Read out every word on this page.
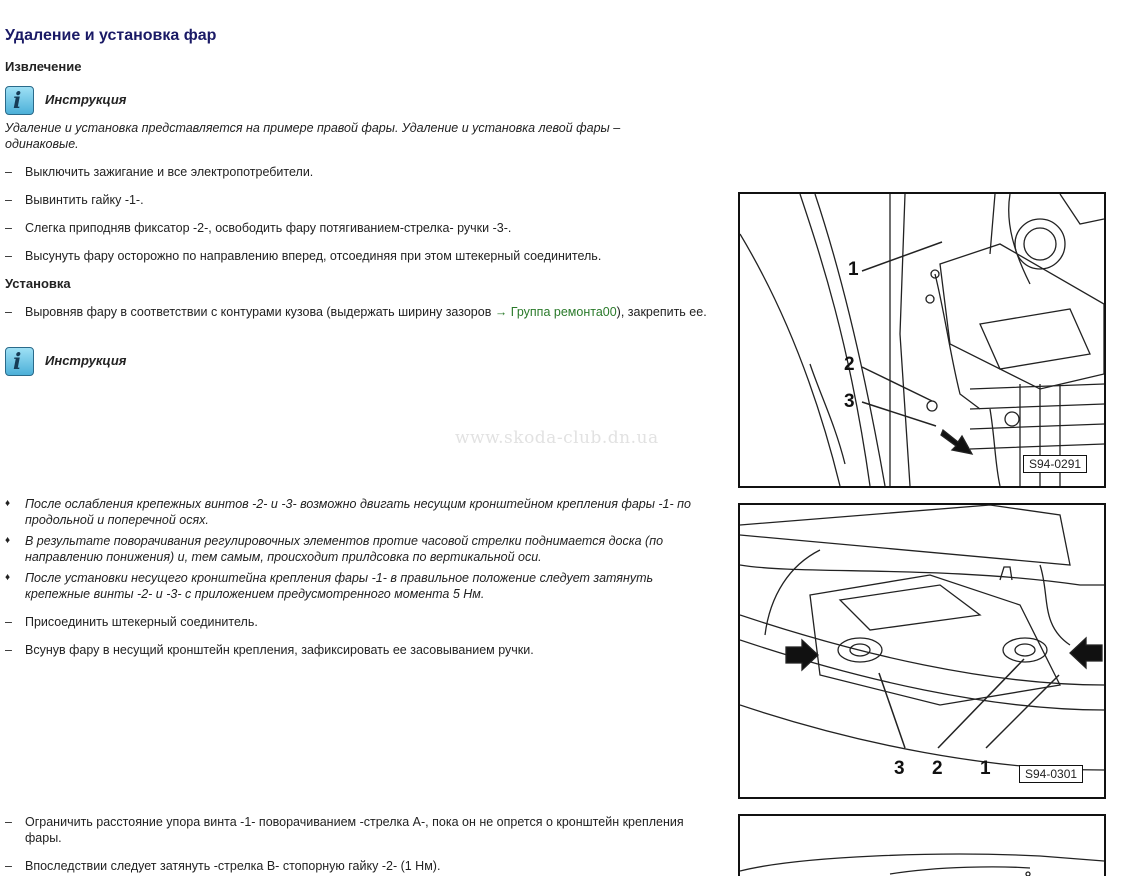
Удаление и установка фар
Извлечение
i Инструкция

Удаление и установка представляется на примере правой фары. Удаление и установка левой фары – одинаковые.

– Выключить зажигание и все электропотребители.
– Вывинтить гайку -1-.
– Слегка приподняв фиксатор -2-, освободить фару потягиванием-стрелка- ручки -3-.
– Высунуть фару осторожно по направлению вперед, отсоединяя при этом штекерный соединитель.
Установка
– Выровняв фару в соответствии с контурами кузова (выдержать ширину зазоров → Группа ремонта00), закрепить ее.
i Инструкция
www.skoda-club.dn.ua
♦ После ослабления крепежных винтов -2- и -3- возможно двигать несущим кронштейном крепления фары -1- по продольной и поперечной осях.
♦ В результате поворачивания регулировочных элементов протие часовой стрелки поднимается доска (по направлению понижения) и, тем самым, происходит прилдсовка по вертикальной оси.
♦ После установки несущего кронштейна крепления фары -1- в правильное положение следует затянуть крепежные винты -2- и -3- с приложением предусмотренного момента 5 Нм.
– Присоединить штекерный соединитель.
– Всунув фару в несущий кронштейн крепления, зафиксировать ее засовыванием ручки.
– Ограничить расстояние упора винта -1- поворачиванием -стрелка А-, пока он не опрется о кронштейн крепления фары.
– Впоследствии следует затянуть -стрелка В- стопорную гайку -2- (1 Нм).
1
2
3
S94-0291
3 2 1	S94-0301
